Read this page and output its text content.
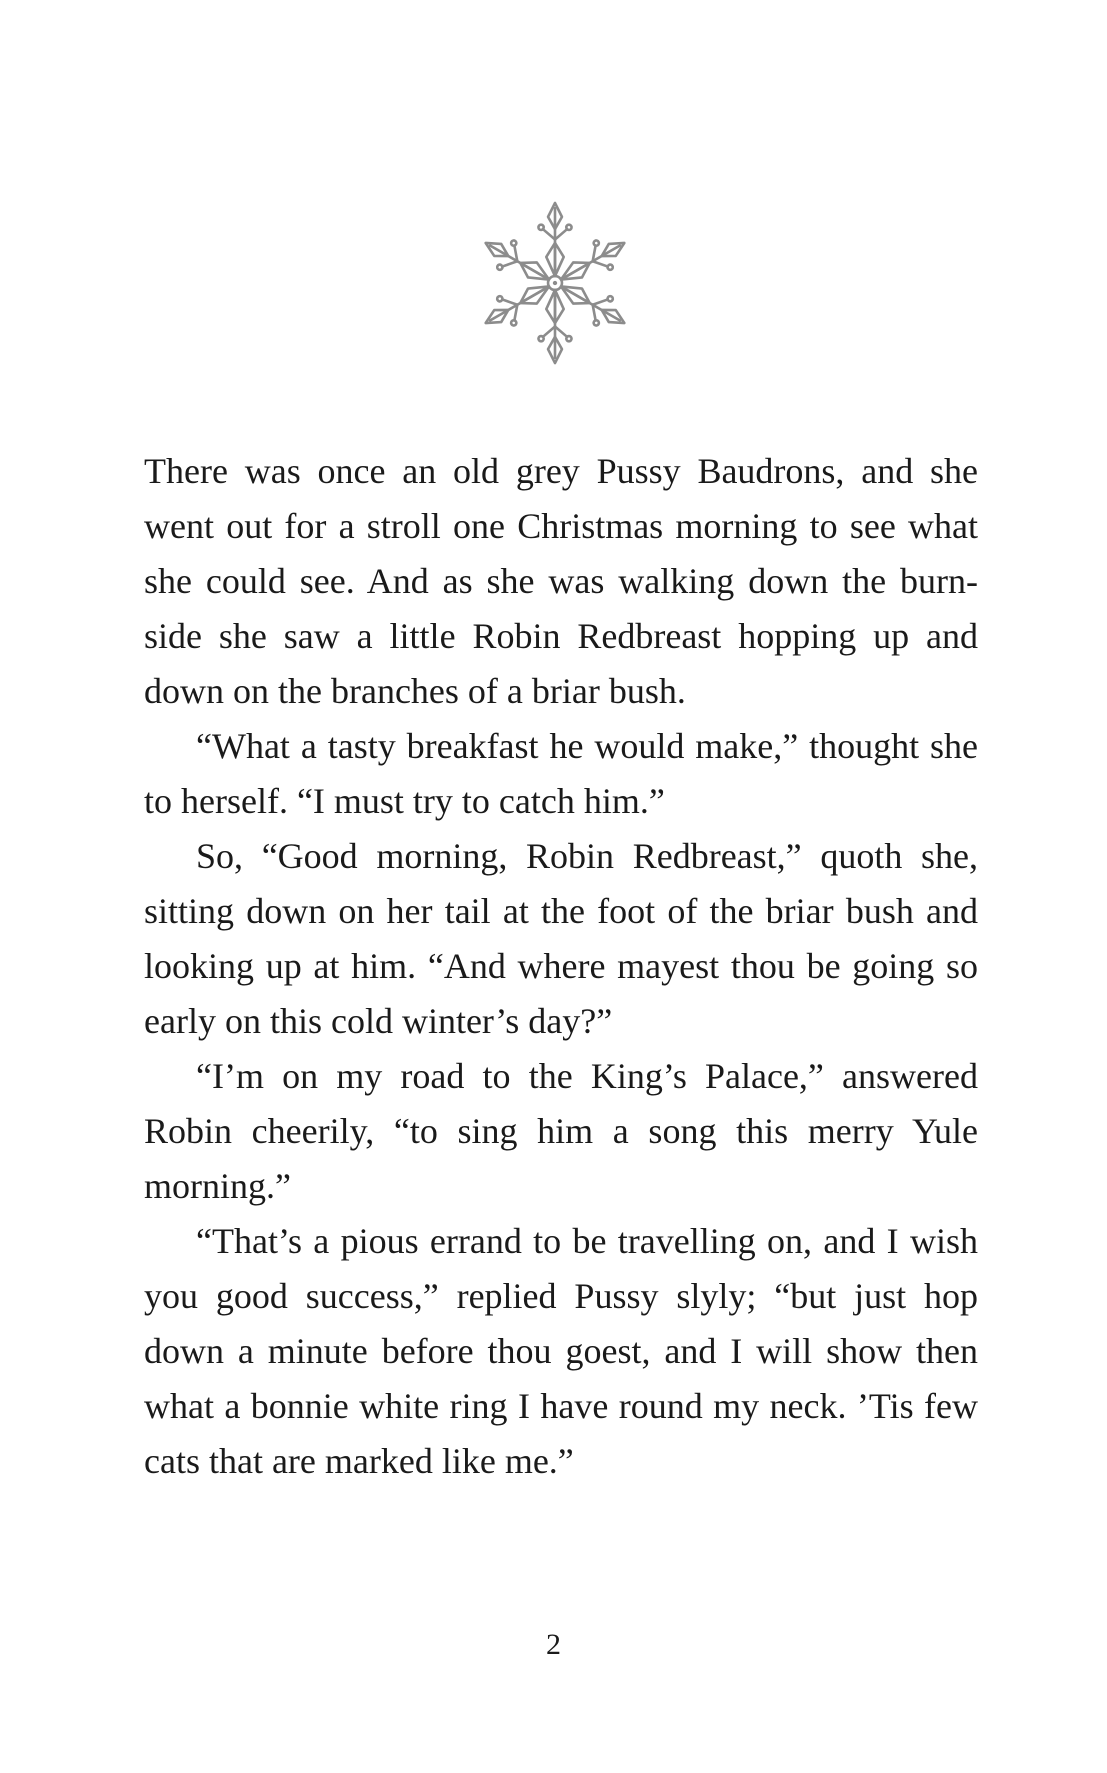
There was once an old grey Pussy Baudrons, and she went out for a stroll one Christmas morning to see what she could see. And as she was walking down the burn-side she saw a little Robin Redbreast hopping up and down on the branches of a briar bush.

“What a tasty breakfast he would make,” thought she to herself. “I must try to catch him.”

So, “Good morning, Robin Redbreast,” quoth she, sitting down on her tail at the foot of the briar bush and looking up at him. “And where mayest thou be going so early on this cold winter’s day?”

“I’m on my road to the King’s Palace,” answered Robin cheerily, “to sing him a song this merry Yule morning.”

“That’s a pious errand to be travelling on, and I wish you good success,” replied Pussy slyly; “but just hop down a minute before thou goest, and I will show then what a bonnie white ring I have round my neck. ’Tis few cats that are marked like me.”

2
